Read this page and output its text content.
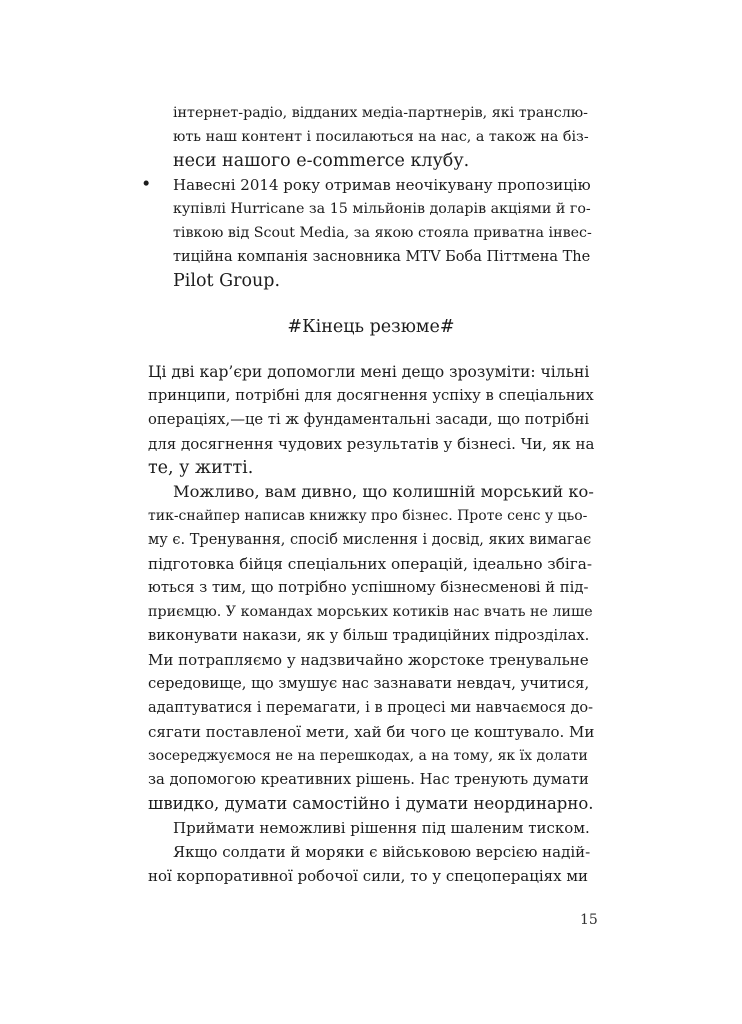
інтернет-радіо, відданих медіа-партнерів, які транслю-
ють наш контент і посилаються на нас, а також на біз-
неси нашого e-commerce клубу.
• Навесні 2014 року отримав неочікувану пропозицію
купівлі Hurricane за 15 мільйонів доларів акціями й го-
тівкою від Scout Media, за якою стояла приватна інвес-
тиційна компанія засновника MTV Боба Піттмена The
Pilot Group.
#Кінець резюме#
Ці дві кар’єри допомогли мені дещо зрозуміти: чільні
принципи, потрібні для досягнення успіху в спеціальних
операціях,—це ті ж фундаментальні засади, що потрібні
для досягнення чудових результатів у бізнесі. Чи, як на
те, у житті.
Можливо, вам дивно, що колишній морський ко-
тик-снайпер написав книжку про бізнес. Проте сенс у цьо-
му є. Тренування, спосіб мислення і досвід, яких вимагає
підготовка бійця спеціальних операцій, ідеально збіга-
ються з тим, що потрібно успішному бізнесменові й під-
приємцю. У командах морських котиків нас вчать не лише
виконувати накази, як у більш традиційних підрозділах.
Ми потрапляємо у надзвичайно жорстоке тренувальне
середовище, що змушує нас зазнавати невдач, учитися,
адаптуватися і перемагати, і в процесі ми навчаємося до-
сягати поставленої мети, хай би чого це коштувало. Ми
зосереджуємося не на перешкодах, а на тому, як їх долати
за допомогою креативних рішень. Нас тренують думати
швидко, думати самостійно і думати неординарно.
Приймати неможливі рішення під шаленим тиском.
Якщо солдати й моряки є військовою версією надій-
ної корпоративної робочої сили, то у спецопераціях ми
15
